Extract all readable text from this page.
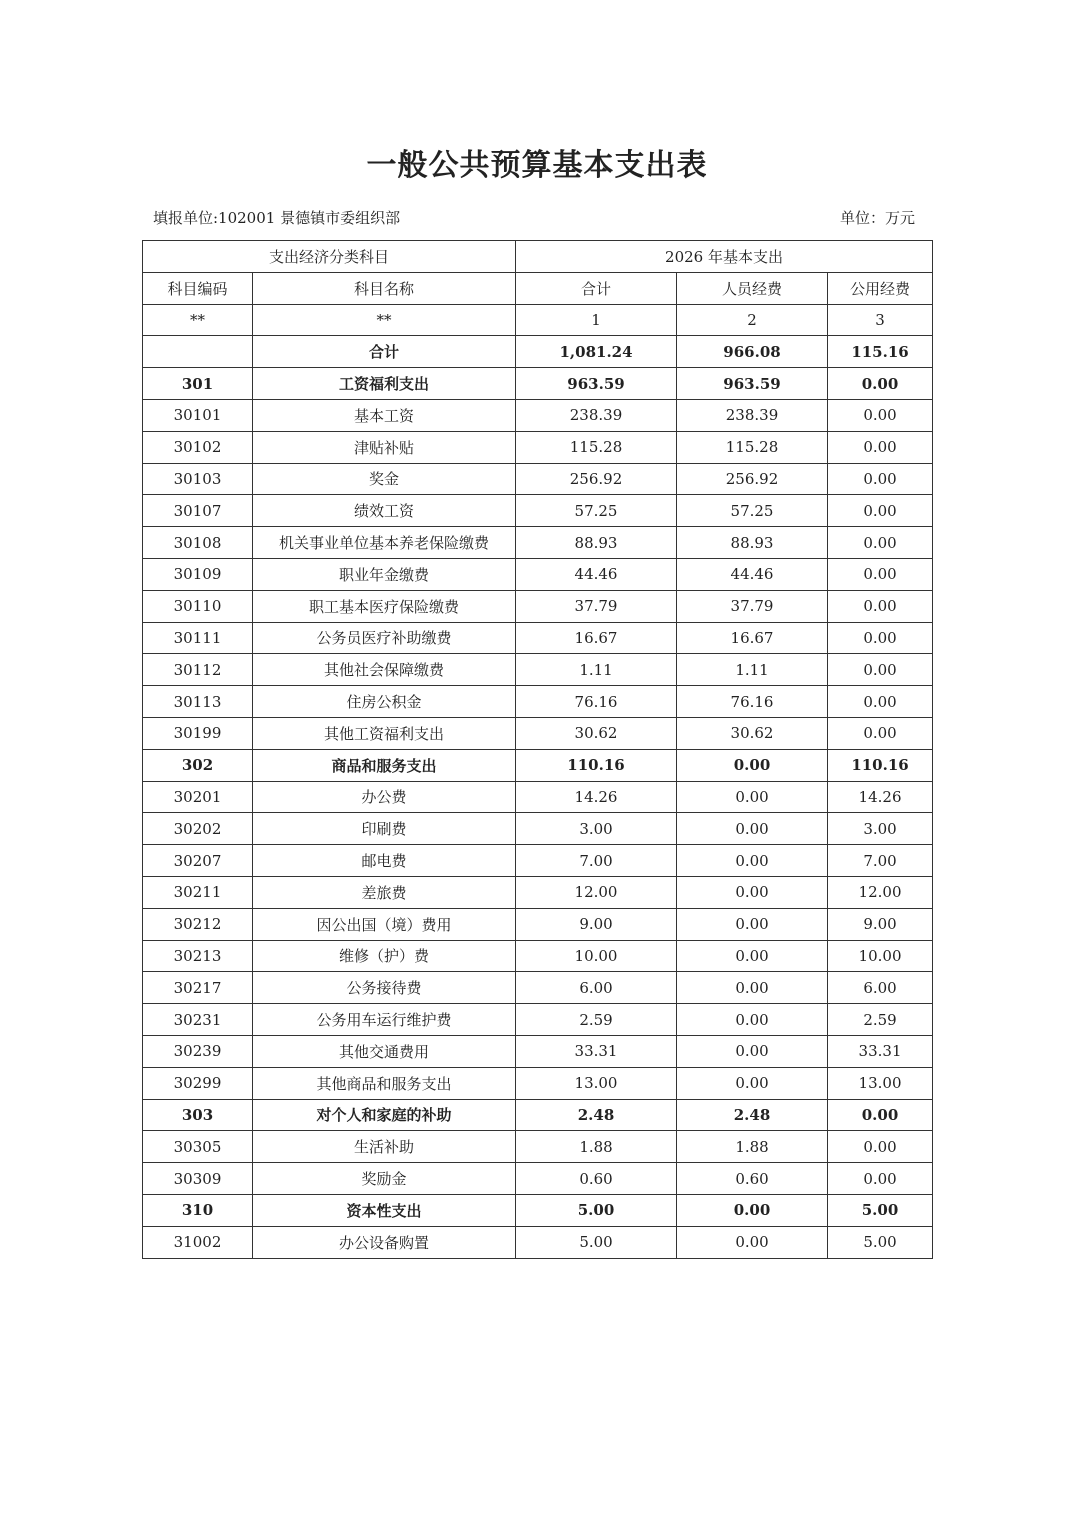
一般公共预算基本支出表
填报单位:102001 景德镇市委组织部	单位：万元
支出经济分类科目		2026 年基本支出		
科目编码	科目名称	合计	人员经费	公用经费
**	**	1	2	3
	合计	1,081.24	966.08	115.16
301	工资福利支出	963.59	963.59	0.00
30101	基本工资	238.39	238.39	0.00
30102	津贴补贴	115.28	115.28	0.00
30103	奖金	256.92	256.92	0.00
30107	绩效工资	57.25	57.25	0.00
30108	机关事业单位基本养老保险缴费	88.93	88.93	0.00
30109	职业年金缴费	44.46	44.46	0.00
30110	职工基本医疗保险缴费	37.79	37.79	0.00
30111	公务员医疗补助缴费	16.67	16.67	0.00
30112	其他社会保障缴费	1.11	1.11	0.00
30113	住房公积金	76.16	76.16	0.00
30199	其他工资福利支出	30.62	30.62	0.00
302	商品和服务支出	110.16	0.00	110.16
30201	办公费	14.26	0.00	14.26
30202	印刷费	3.00	0.00	3.00
30207	邮电费	7.00	0.00	7.00
30211	差旅费	12.00	0.00	12.00
30212	因公出国（境）费用	9.00	0.00	9.00
30213	维修（护）费	10.00	0.00	10.00
30217	公务接待费	6.00	0.00	6.00
30231	公务用车运行维护费	2.59	0.00	2.59
30239	其他交通费用	33.31	0.00	33.31
30299	其他商品和服务支出	13.00	0.00	13.00
303	对个人和家庭的补助	2.48	2.48	0.00
30305	生活补助	1.88	1.88	0.00
30309	奖励金	0.60	0.60	0.00
310	资本性支出	5.00	0.00	5.00
31002	办公设备购置	5.00	0.00	5.00
